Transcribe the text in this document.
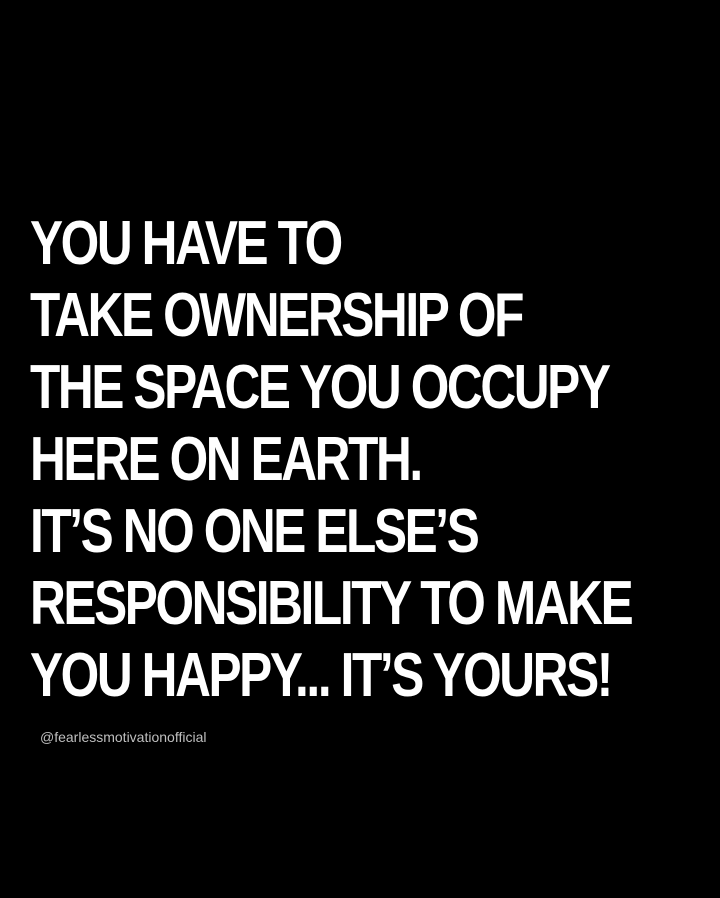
YOU HAVE TO
TAKE OWNERSHIP OF
THE SPACE YOU OCCUPY
HERE ON EARTH.
IT’S NO ONE ELSE’S
RESPONSIBILITY TO MAKE
YOU HAPPY... IT’S YOURS!
@fearlessmotivationofficial
